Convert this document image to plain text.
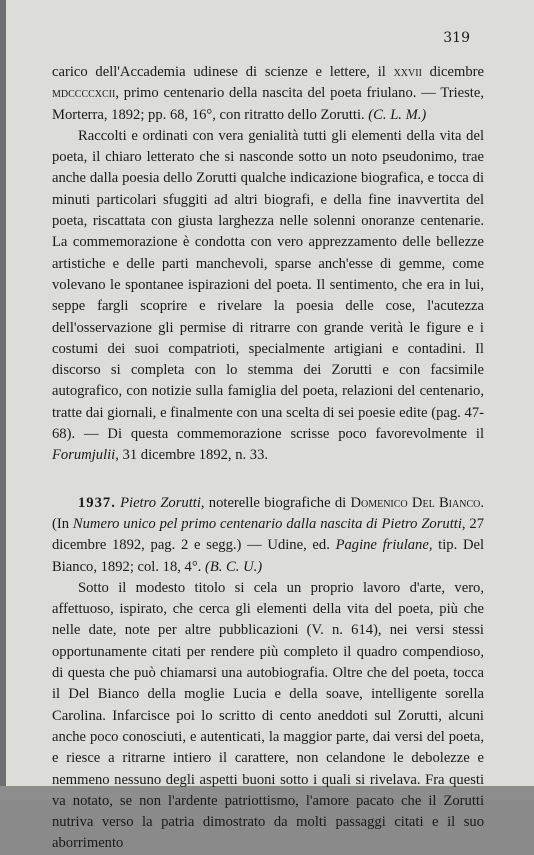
319

carico dell'Accademia udinese di scienze e lettere, il xxvii dicembre mdccccxcii, primo centenario della nascita del poeta friulano. — Trieste, Morterra, 1892; pp. 68, 16°, con ritratto dello Zorutti. (C. L. M.)

Raccolti e ordinati con vera genialità tutti gli elementi della vita del poeta, il chiaro letterato che si nasconde sotto un noto pseudonimo, trae anche dalla poesia dello Zorutti qualche indicazione biografica, e tocca di minuti particolari sfuggiti ad altri biografi, e della fine inavvertita del poeta, riscattata con giusta larghezza nelle solenni onoranze centenarie. La commemorazione è condotta con vero apprezzamento delle bellezze artistiche e delle parti manchevoli, sparse anch'esse di gemme, come volevano le spontanee ispirazioni del poeta. Il sentimento, che era in lui, seppe fargli scoprire e rivelare la poesia delle cose, l'acutezza dell'osservazione gli permise di ritrarre con grande verità le figure e i costumi dei suoi compatrioti, specialmente artigiani e contadini. Il discorso si completa con lo stemma dei Zorutti e con facsimile autografico, con notizie sulla famiglia del poeta, relazioni del centenario, tratte dai giornali, e finalmente con una scelta di sei poesie edite (pag. 47-68). — Di questa commemorazione scrisse poco favorevolmente il Forumjulii, 31 dicembre 1892, n. 33.

1937. Pietro Zorutti, noterelle biografiche di Domenico Del Bianco. (In Numero unico pel primo centenario dalla nascita di Pietro Zorutti, 27 dicembre 1892, pag. 2 e segg.) — Udine, ed. Pagine friulane, tip. Del Bianco, 1892; col. 18, 4°. (B. C. U.)

Sotto il modesto titolo si cela un proprio lavoro d'arte, vero, affettuoso, ispirato, che cerca gli elementi della vita del poeta, più che nelle date, note per altre pubblicazioni (V. n. 614), nei versi stessi opportunamente citati per rendere più completo il quadro compendioso, di questa che può chiamarsi una autobiografia. Oltre che del poeta, tocca il Del Bianco della moglie Lucia e della soave, intelligente sorella Carolina. Infarcisce poi lo scritto di cento aneddoti sul Zorutti, alcuni anche poco conosciuti, e autenticati, la maggior parte, dai versi del poeta, e riesce a ritrarne intiero il carattere, non celandone le debolezze e nemmeno nessuno degli aspetti buoni sotto i quali si rivelava. Fra questi va notato, se non l'ardente patriottismo, l'amore pacato che il Zorutti nutriva verso la patria dimostrato da molti passaggi citati e il suo aborrimento
